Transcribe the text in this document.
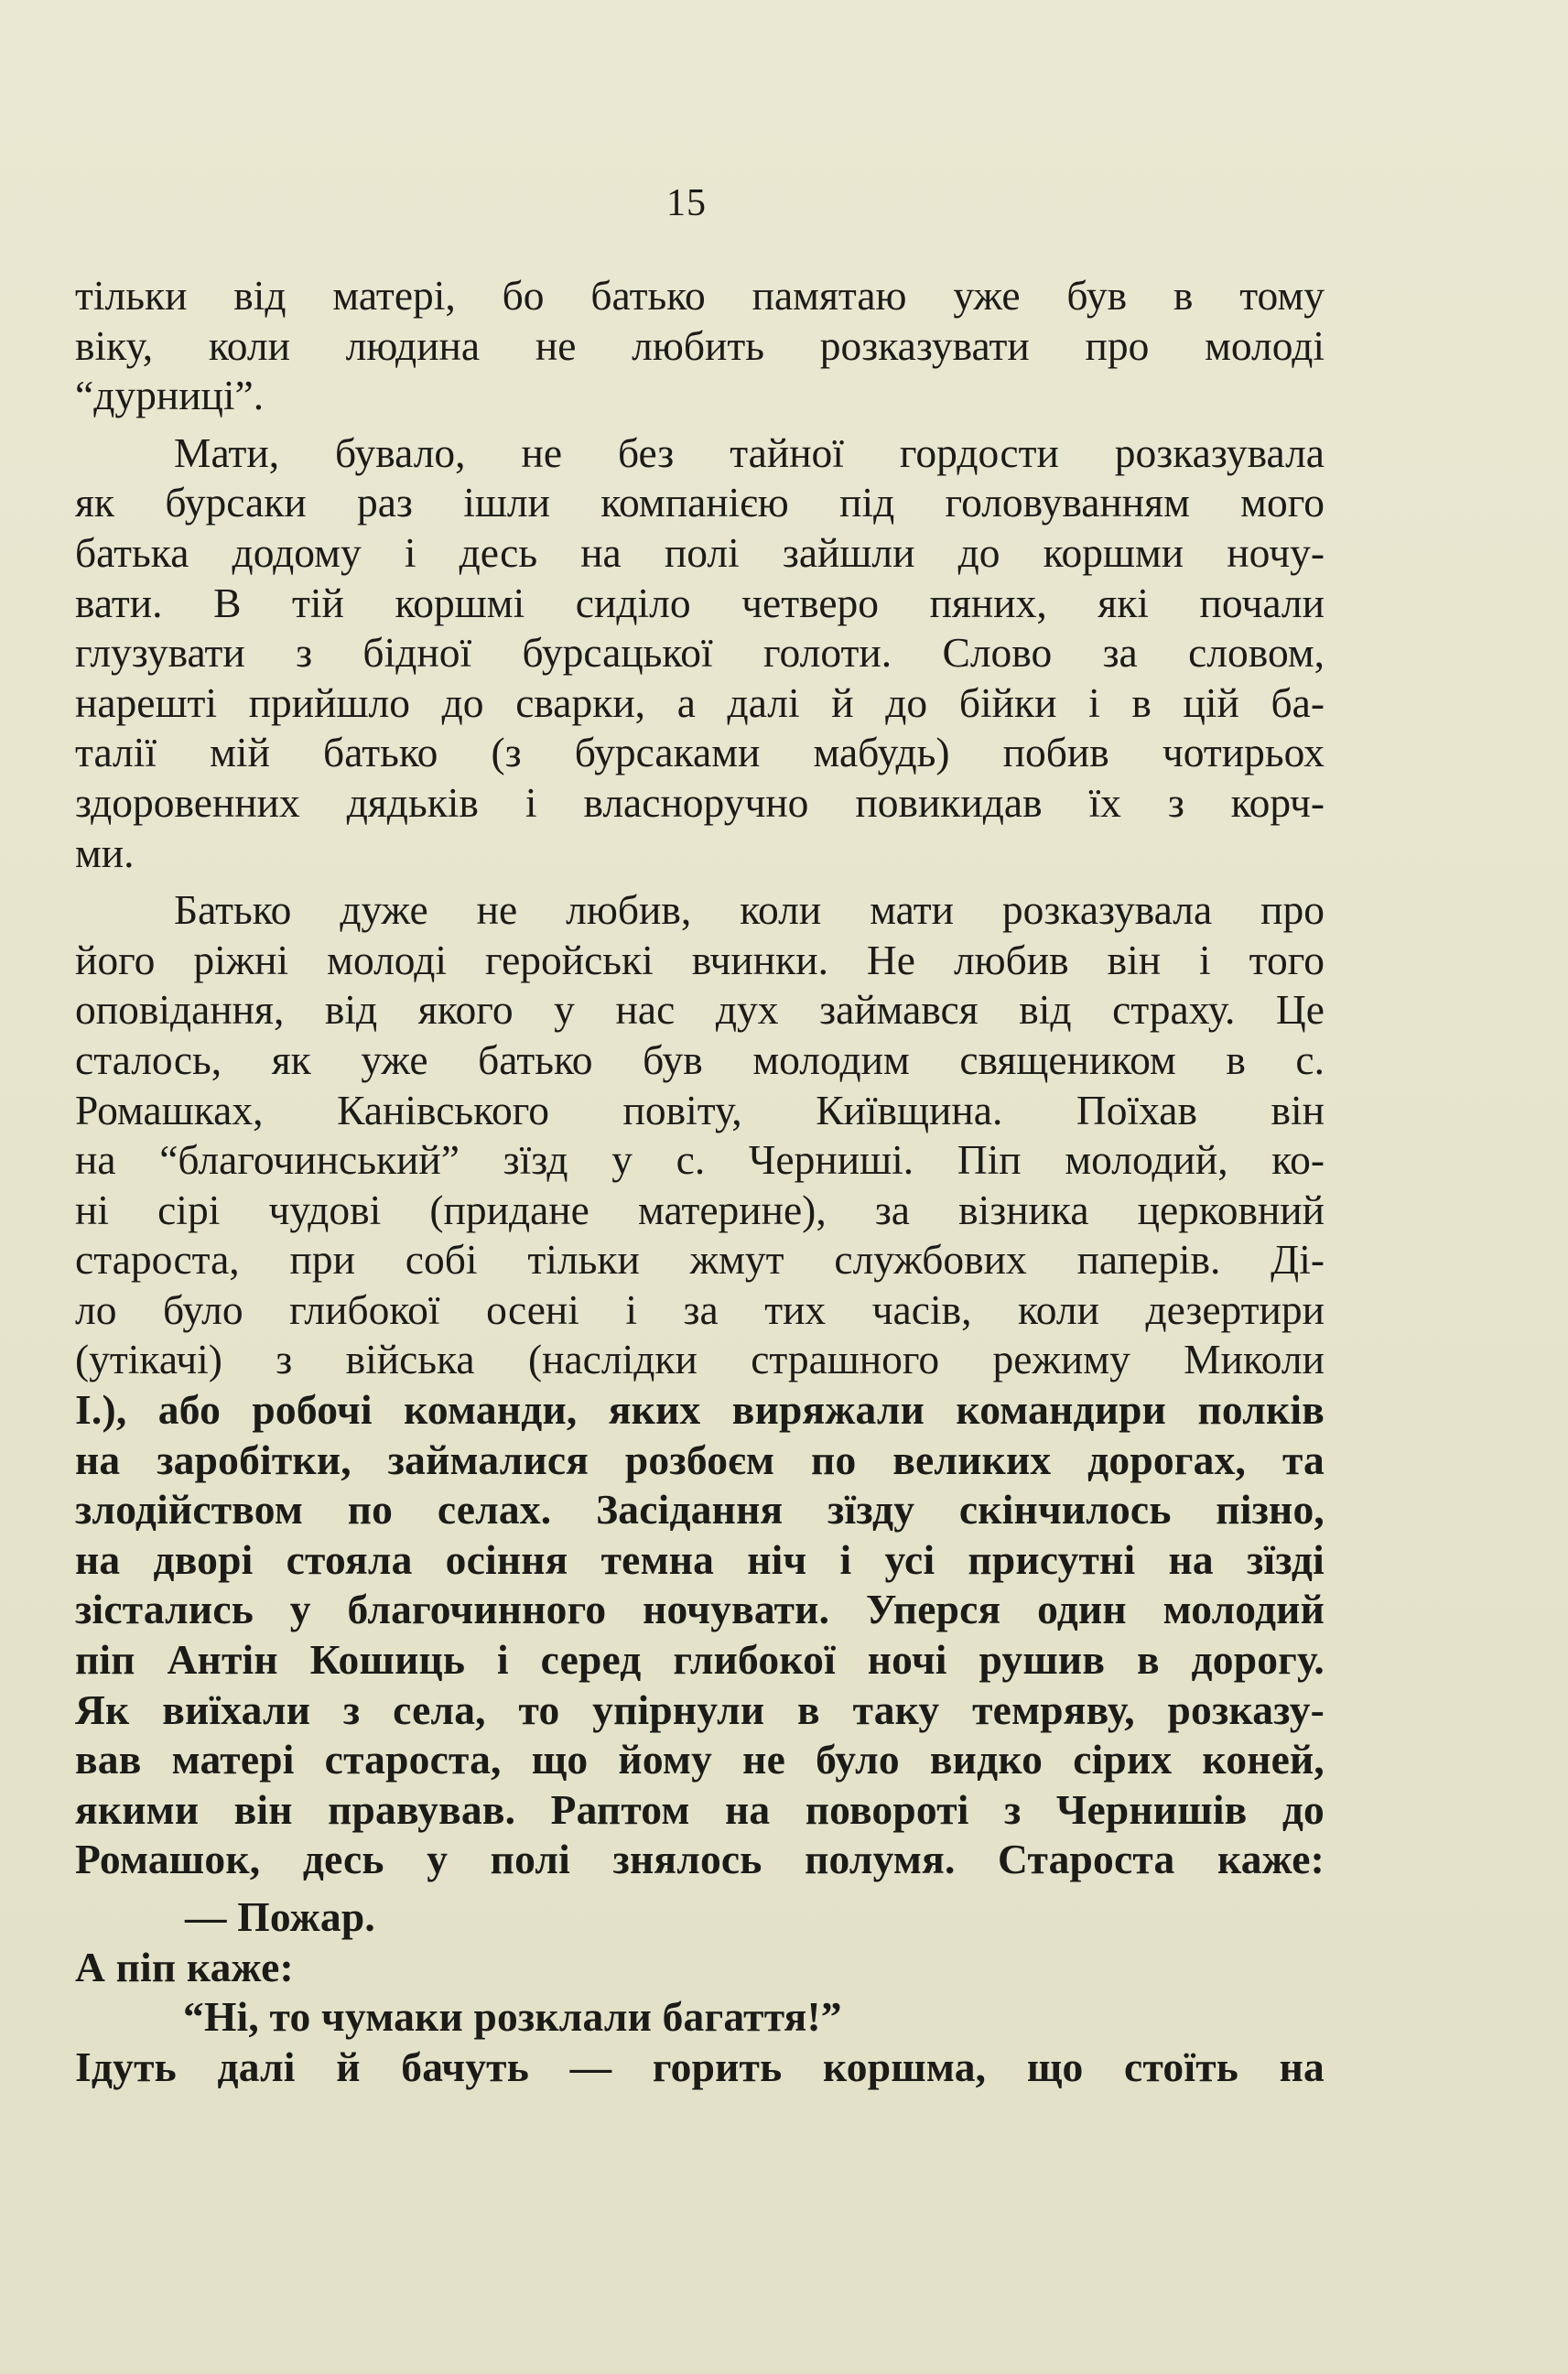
15
тільки від матері, бо батько памятаю уже був в тому
віку, коли людина не любить розказувати про молоді
“дурниці”.
Мати, бувало, не без тайної гордости розказувала
як бурсаки раз ішли компанією під головуванням мого
батька додому і десь на полі зайшли до коршми ночу-
вати. В тій коршмі сиділо четверо пяних, які почали
глузувати з бідної бурсацької голоти. Слово за словом,
нарешті прийшло до сварки, а далі й до бійки і в цій ба-
талії мій батько (з бурсаками мабудь) побив чотирьох
здоровенних дядьків і власноручно повикидав їх з корч-
ми.
Батько дуже не любив, коли мати розказувала про
його ріжні молоді геройські вчинки. Не любив він і того
оповідання, від якого у нас дух займався від страху. Це
сталось, як уже батько був молодим священиком в с.
Ромашках, Канівського повіту, Київщина. Поїхав він
на “благочинський” зїзд у с. Черниші. Піп молодий, ко-
ні сірі чудові (придане материне), за візника церковний
староста, при собі тільки жмут службових паперів. Ді-
ло було глибокої осені і за тих часів, коли дезертири
(утікачі) з війська (наслідки страшного режиму Миколи
І.), або робочі команди, яких виряжали командири полків
на заробітки, займалися розбоєм по великих дорогах, та
злодійством по селах. Засідання зїзду скінчилось пізно,
на дворі стояла осіння темна ніч і усі присутні на зїзді
зістались у благочинного ночувати. Уперся один молодий
піп Антін Кошиць і серед глибокої ночі рушив в дорогу.
Як виїхали з села, то упірнули в таку темряву, розказу-
вав матері староста, що йому не було видко сірих коней,
якими він правував. Раптом на повороті з Чернишів до
Ромашок, десь у полі знялось полумя. Староста каже:
— Пожар.
А піп каже:
“Ні, то чумаки розклали багаття!”
Ідуть далі й бачуть — горить коршма, що стоїть на
